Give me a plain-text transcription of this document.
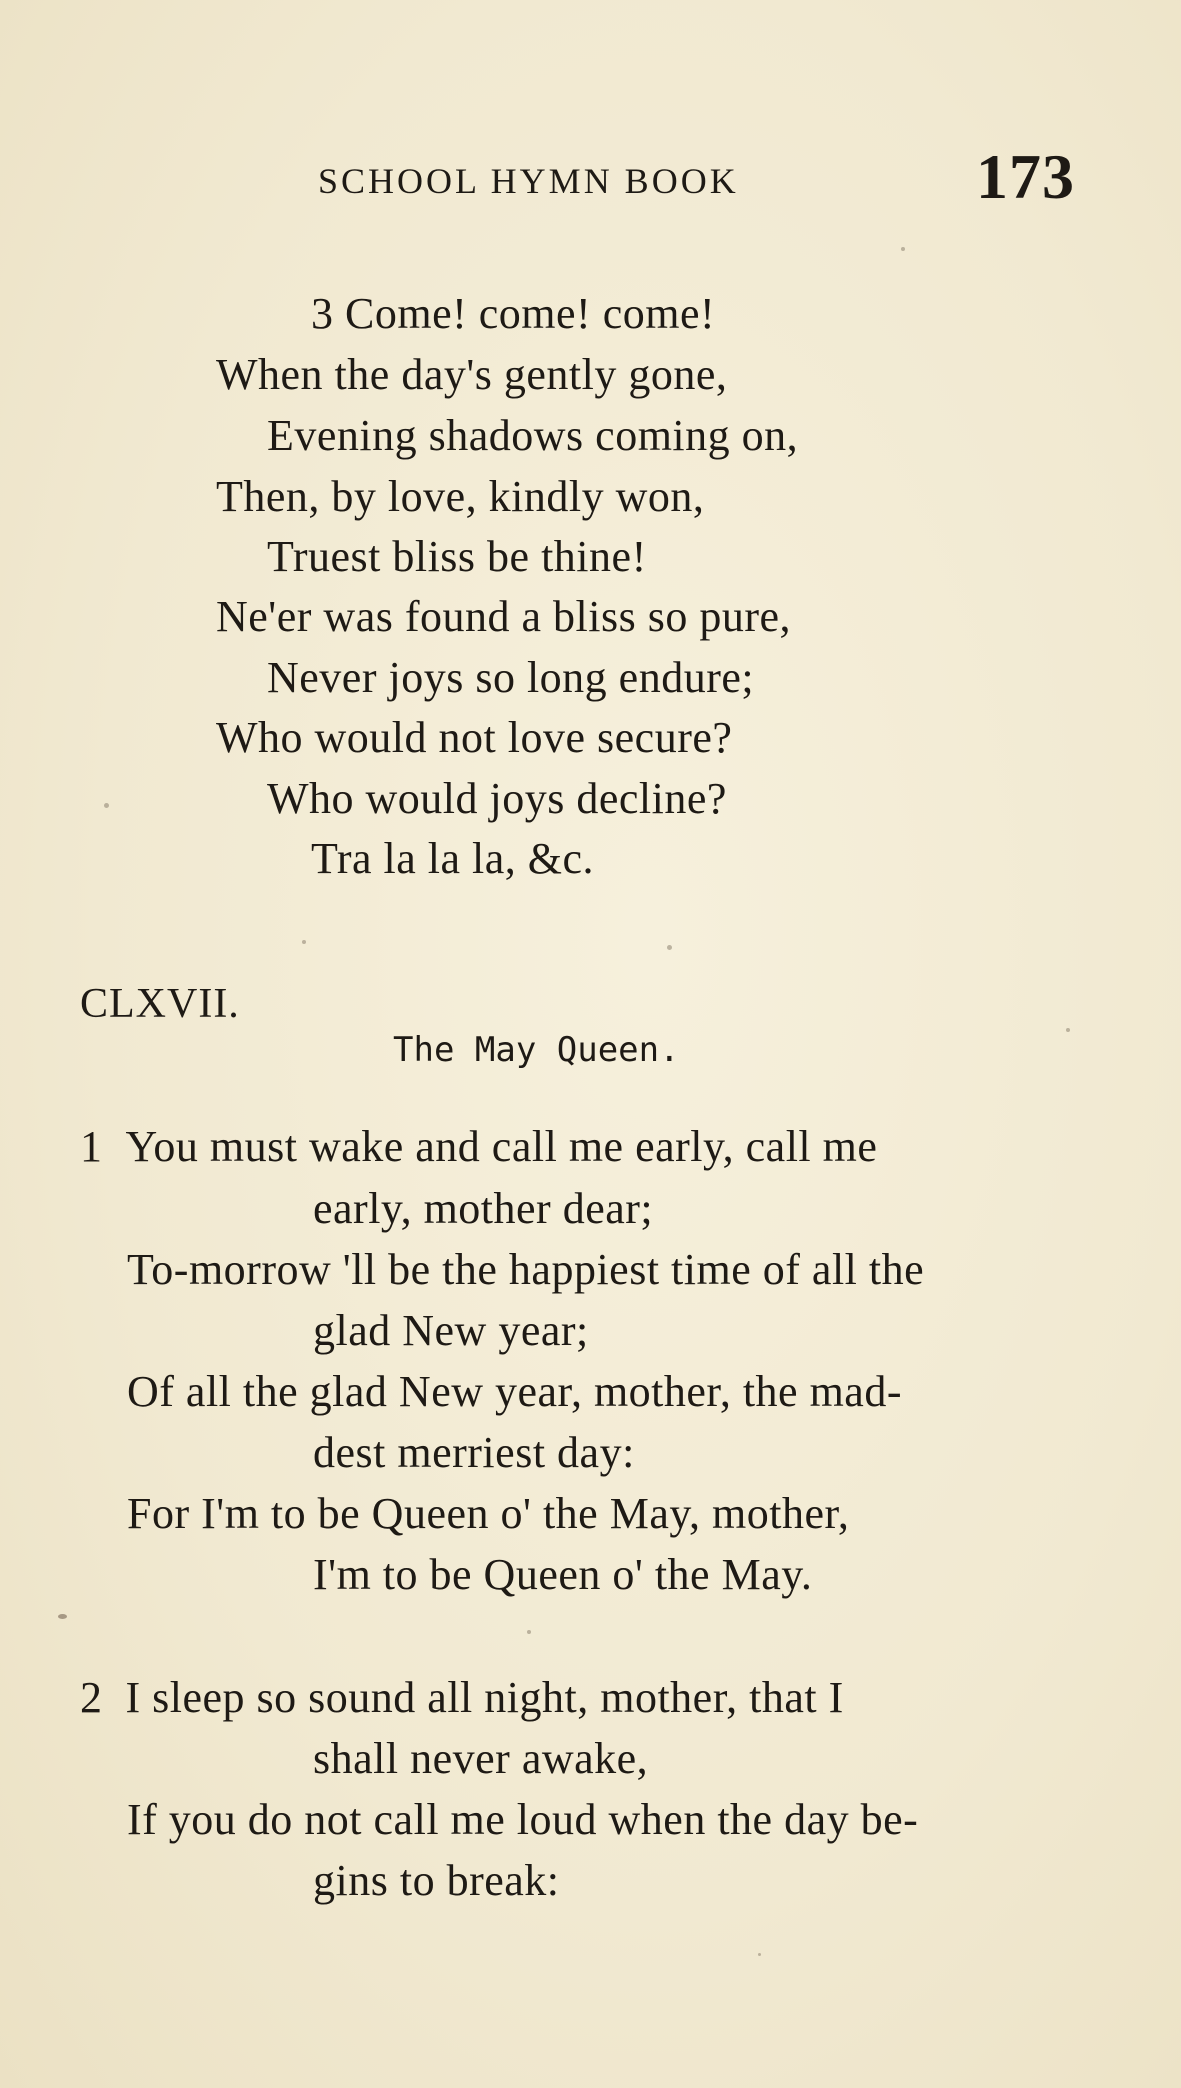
SCHOOL HYMN BOOK	173
3 Come! come! come!
When the day's gently gone,
Evening shadows coming on,
Then, by love, kindly won,
Truest bliss be thine!
Ne'er was found a bliss so pure,
Never joys so long endure;
Who would not love secure?
Who would joys decline?
Tra la la la, &c.
CLXVII.
The May Queen.
1 You must wake and call me early, call me
early, mother dear;
To-morrow 'll be the happiest time of all the
glad New year;
Of all the glad New year, mother, the mad-
dest merriest day:
For I'm to be Queen o' the May, mother,
I'm to be Queen o' the May.
2 I sleep so sound all night, mother, that I
shall never awake,
If you do not call me loud when the day be-
gins to break:
